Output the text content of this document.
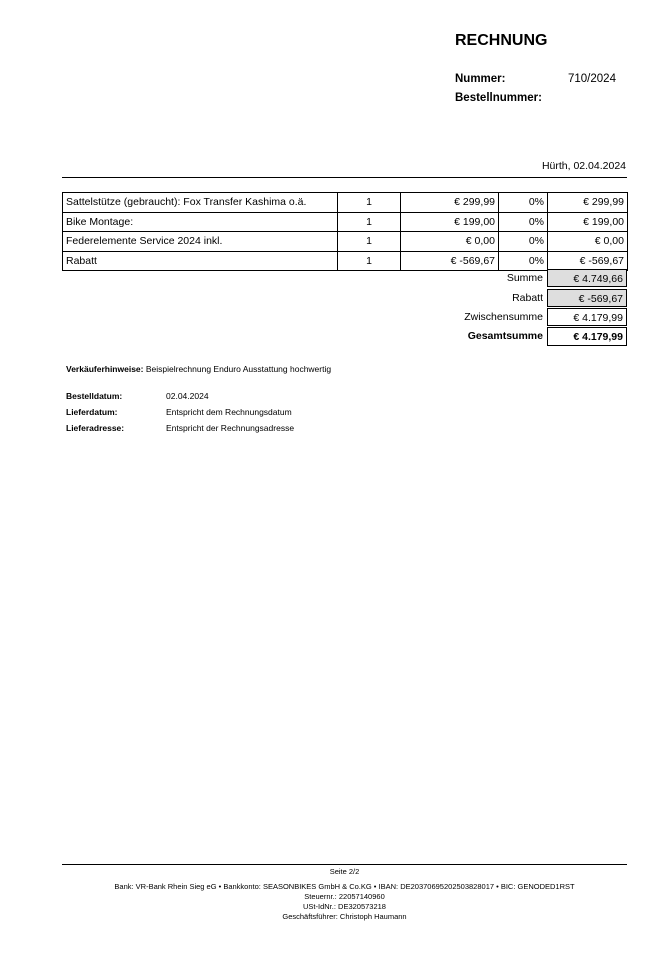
RECHNUNG
Nummer:	710/2024
Bestellnummer:
Hürth, 02.04.2024
Sattelstütze (gebraucht): Fox Transfer Kashima o.ä.	1	€ 299,99	0%	€ 299,99
Bike Montage:	1	€ 199,00	0%	€ 199,00
Federelemente Service 2024 inkl.	1	€ 0,00	0%	€ 0,00
Rabatt	1	€ -569,67	0%	€ -569,67
Summe	€ 4.749,66
Rabatt	€ -569,67
Zwischensumme	€ 4.179,99
Gesamtsumme	€ 4.179,99
Verkäuferhinweise: Beispielrechnung Enduro Ausstattung hochwertig
Bestelldatum:	02.04.2024
Lieferdatum:	Entspricht dem Rechnungsdatum
Lieferadresse:	Entspricht der Rechnungsadresse
Seite 2/2
Bank: VR-Bank Rhein Sieg eG • Bankkonto: SEASONBIKES GmbH & Co.KG • IBAN: DE20370695202503828017 • BIC: GENODED1RST
Steuernr.: 22057140960
USt-IdNr.: DE320573218
Geschäftsführer: Christoph Haumann
